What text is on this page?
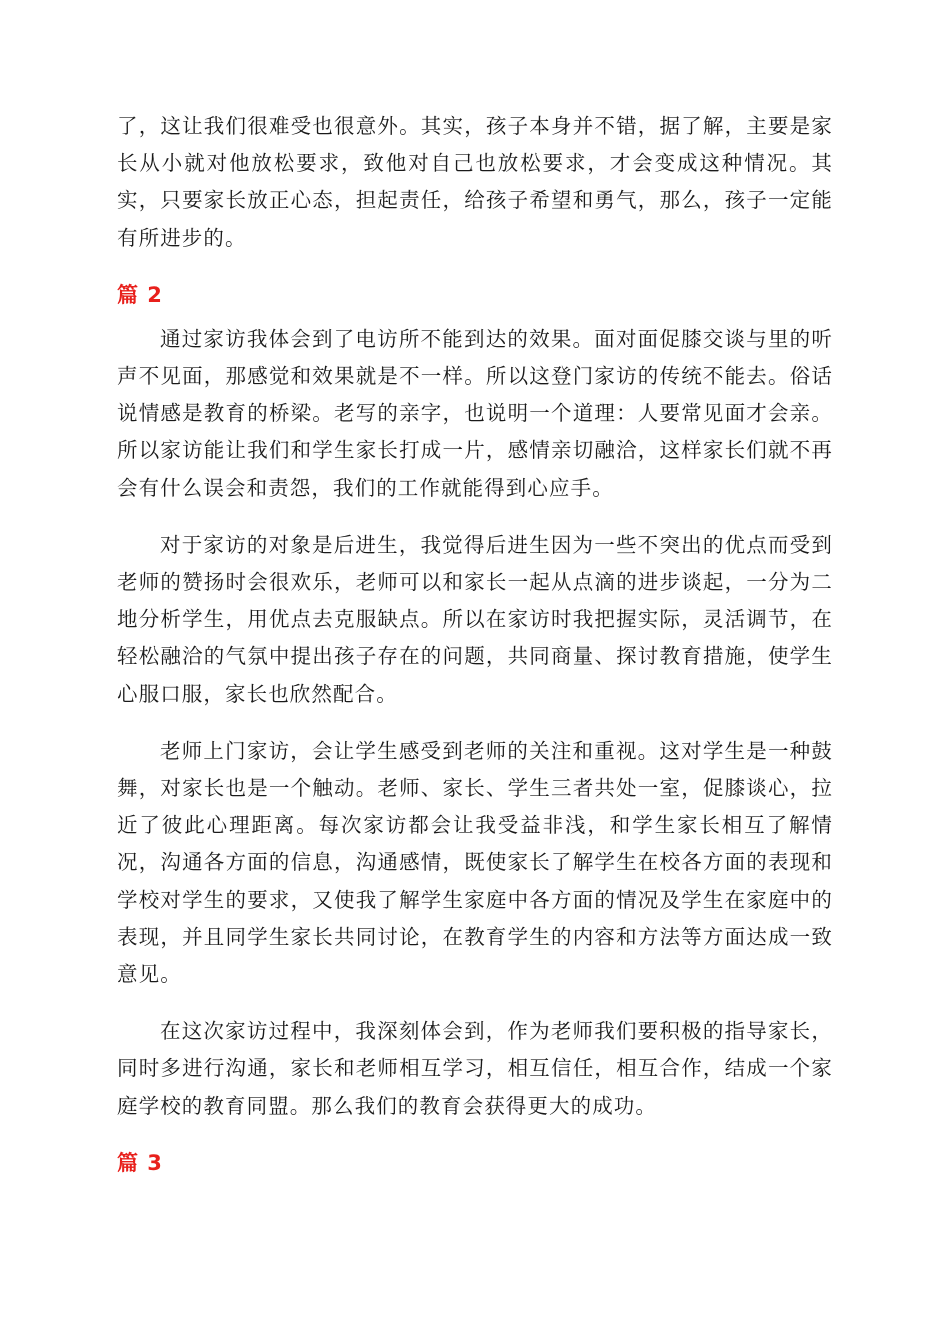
了，这让我们很难受也很意外。其实，孩子本身并不错，据了解，主要是家长从小就对他放松要求，致他对自己也放松要求，才会变成这种情况。其实，只要家长放正心态，担起责任，给孩子希望和勇气，那么，孩子一定能有所进步的。

篇 2

通过家访我体会到了电访所不能到达的效果。面对面促膝交谈与里的听声不见面，那感觉和效果就是不一样。所以这登门家访的传统不能去。俗话说情感是教育的桥梁。老写的亲字，也说明一个道理：人要常见面才会亲。所以家访能让我们和学生家长打成一片，感情亲切融洽，这样家长们就不再会有什么误会和责怨，我们的工作就能得到心应手。

对于家访的对象是后进生，我觉得后进生因为一些不突出的优点而受到老师的赞扬时会很欢乐，老师可以和家长一起从点滴的进步谈起，一分为二地分析学生，用优点去克服缺点。所以在家访时我把握实际，灵活调节，在轻松融洽的气氛中提出孩子存在的问题，共同商量、探讨教育措施，使学生心服口服，家长也欣然配合。

老师上门家访，会让学生感受到老师的关注和重视。这对学生是一种鼓舞，对家长也是一个触动。老师、家长、学生三者共处一室，促膝谈心，拉近了彼此心理距离。每次家访都会让我受益非浅，和学生家长相互了解情况，沟通各方面的信息，沟通感情，既使家长了解学生在校各方面的表现和学校对学生的要求，又使我了解学生家庭中各方面的情况及学生在家庭中的表现，并且同学生家长共同讨论，在教育学生的内容和方法等方面达成一致意见。

在这次家访过程中，我深刻体会到，作为老师我们要积极的指导家长，同时多进行沟通，家长和老师相互学习，相互信任，相互合作，结成一个家庭学校的教育同盟。那么我们的教育会获得更大的成功。

篇 3
